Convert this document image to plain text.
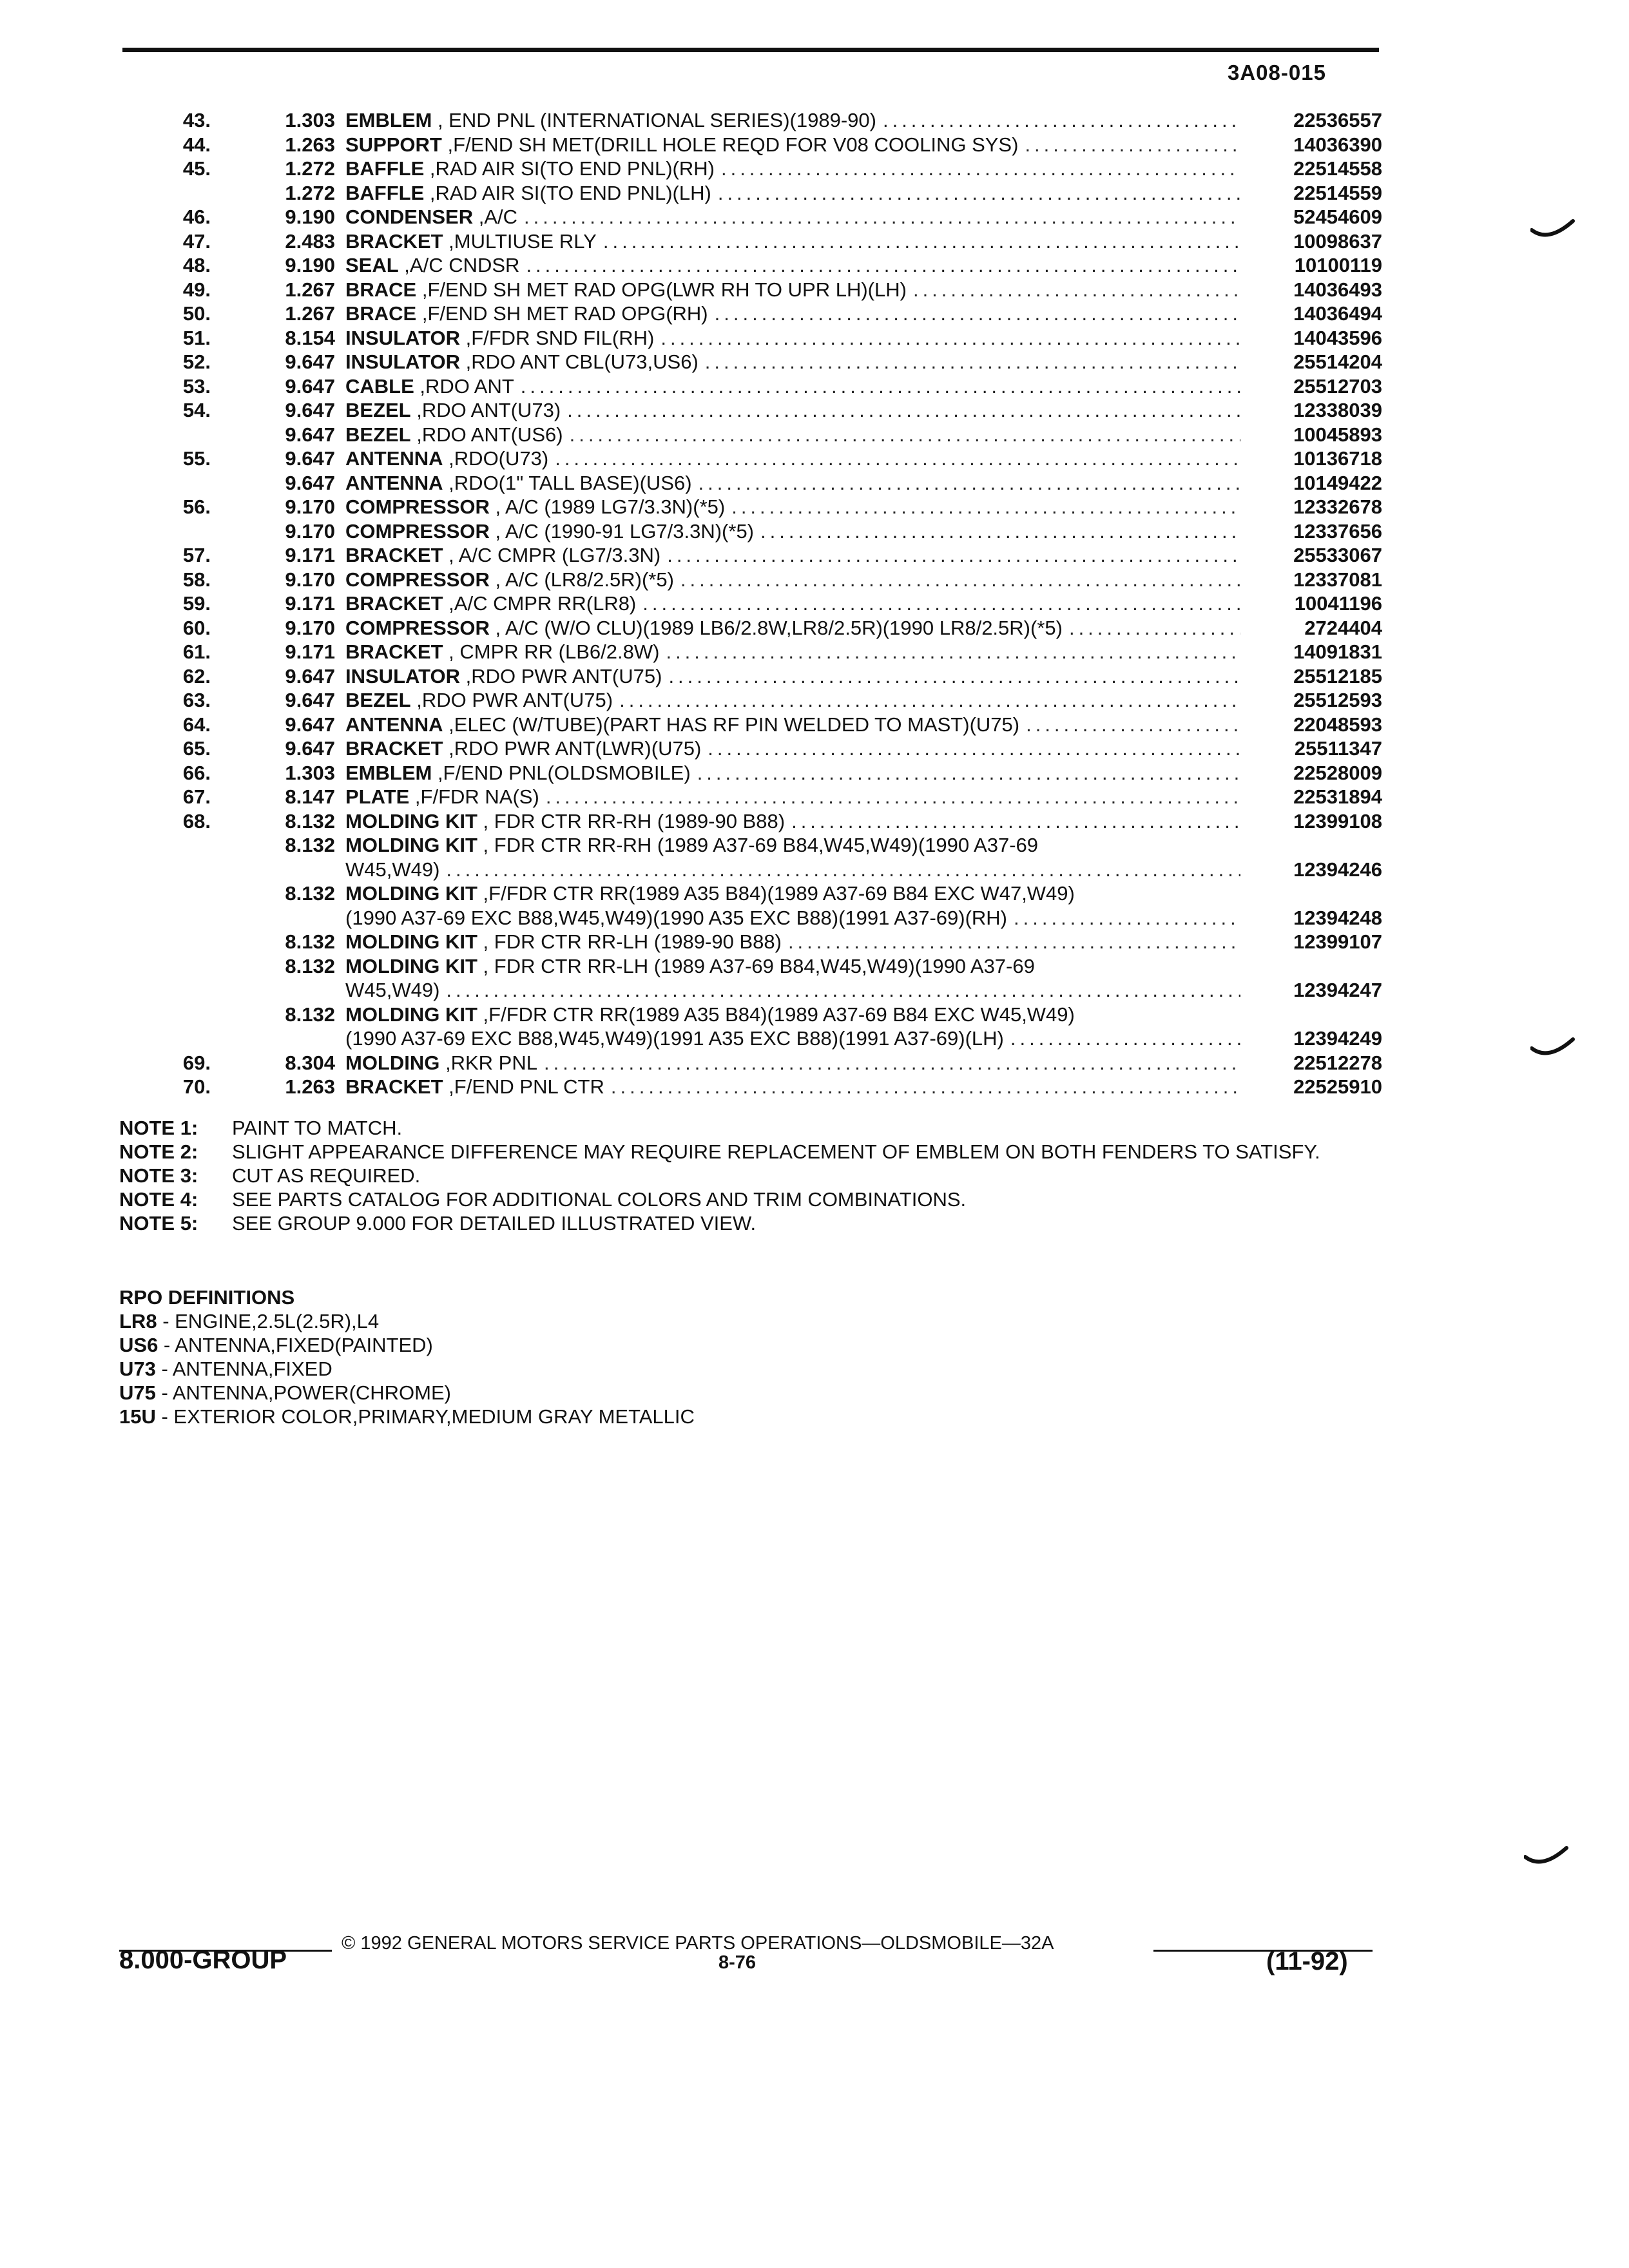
3A08-015
43.	1.303 EMBLEM , END PNL (INTERNATIONAL SERIES)(1989-90) .....	22536557
44.	1.263 SUPPORT ,F/END SH MET(DRILL HOLE REQD FOR V08 COOLING SYS) .....	14036390
45.	1.272 BAFFLE ,RAD AIR SI(TO END PNL)(RH) .....	22514558
1.272 BAFFLE ,RAD AIR SI(TO END PNL)(LH) .....	22514559
46.	9.190 CONDENSER ,A/C .....	52454609
47.	2.483 BRACKET ,MULTIUSE RLY .....	10098637
48.	9.190 SEAL ,A/C CNDSR .....	10100119
49.	1.267 BRACE ,F/END SH MET RAD OPG(LWR RH TO UPR LH)(LH) .....	14036493
50.	1.267 BRACE ,F/END SH MET RAD OPG(RH) .....	14036494
51.	8.154 INSULATOR ,F/FDR SND FIL(RH) .....	14043596
52.	9.647 INSULATOR ,RDO ANT CBL(U73,US6) .....	25514204
53.	9.647 CABLE ,RDO ANT .....	25512703
54.	9.647 BEZEL ,RDO ANT(U73) .....	12338039
9.647 BEZEL ,RDO ANT(US6) .....	10045893
55.	9.647 ANTENNA ,RDO(U73) .....	10136718
9.647 ANTENNA ,RDO(1" TALL BASE)(US6) .....	10149422
56.	9.170 COMPRESSOR , A/C (1989 LG7/3.3N)(*5) .....	12332678
9.170 COMPRESSOR , A/C (1990-91 LG7/3.3N)(*5) .....	12337656
57.	9.171 BRACKET , A/C CMPR (LG7/3.3N) .....	25533067
58.	9.170 COMPRESSOR , A/C (LR8/2.5R)(*5) .....	12337081
59.	9.171 BRACKET ,A/C CMPR RR(LR8) .....	10041196
60.	9.170 COMPRESSOR , A/C (W/O CLU)(1989 LB6/2.8W,LR8/2.5R)(1990 LR8/2.5R)(*5) .....	2724404
61.	9.171 BRACKET , CMPR RR (LB6/2.8W) .....	14091831
62.	9.647 INSULATOR ,RDO PWR ANT(U75) .....	25512185
63.	9.647 BEZEL ,RDO PWR ANT(U75) .....	25512593
64.	9.647 ANTENNA ,ELEC (W/TUBE)(PART HAS RF PIN WELDED TO MAST)(U75) .....	22048593
65.	9.647 BRACKET ,RDO PWR ANT(LWR)(U75) .....	25511347
66.	1.303 EMBLEM ,F/END PNL(OLDSMOBILE) .....	22528009
67.	8.147 PLATE ,F/FDR NA(S) .....	22531894
68.	8.132 MOLDING KIT , FDR CTR RR-RH (1989-90 B88) .....	12399108
8.132 MOLDING KIT , FDR CTR RR-RH (1989 A37-69 B84,W45,W49)(1990 A37-69
W45,W49) .....	12394246
8.132 MOLDING KIT ,F/FDR CTR RR(1989 A35 B84)(1989 A37-69 B84 EXC W47,W49)
(1990 A37-69 EXC B88,W45,W49)(1990 A35 EXC B88)(1991 A37-69)(RH) .....	12394248
8.132 MOLDING KIT , FDR CTR RR-LH (1989-90 B88) .....	12399107
8.132 MOLDING KIT , FDR CTR RR-LH (1989 A37-69 B84,W45,W49)(1990 A37-69
W45,W49) .....	12394247
8.132 MOLDING KIT ,F/FDR CTR RR(1989 A35 B84)(1989 A37-69 B84 EXC W45,W49)
(1990 A37-69 EXC B88,W45,W49)(1991 A35 EXC B88)(1991 A37-69)(LH) .....	12394249
69.	8.304 MOLDING ,RKR PNL .....	22512278
70.	1.263 BRACKET ,F/END PNL CTR .....	22525910
NOTE 1:	PAINT TO MATCH.
NOTE 2:	SLIGHT APPEARANCE DIFFERENCE MAY REQUIRE REPLACEMENT OF EMBLEM ON BOTH FENDERS TO SATISFY.
NOTE 3:	CUT AS REQUIRED.
NOTE 4:	SEE PARTS CATALOG FOR ADDITIONAL COLORS AND TRIM COMBINATIONS.
NOTE 5:	SEE GROUP 9.000 FOR DETAILED ILLUSTRATED VIEW.
RPO DEFINITIONS
LR8 - ENGINE,2.5L(2.5R),L4
US6 - ANTENNA,FIXED(PAINTED)
U73 - ANTENNA,FIXED
U75 - ANTENNA,POWER(CHROME)
15U - EXTERIOR COLOR,PRIMARY,MEDIUM GRAY METALLIC
© 1992 GENERAL MOTORS SERVICE PARTS OPERATIONS—OLDSMOBILE—32A
8.000-GROUP	8-76	(11-92)
